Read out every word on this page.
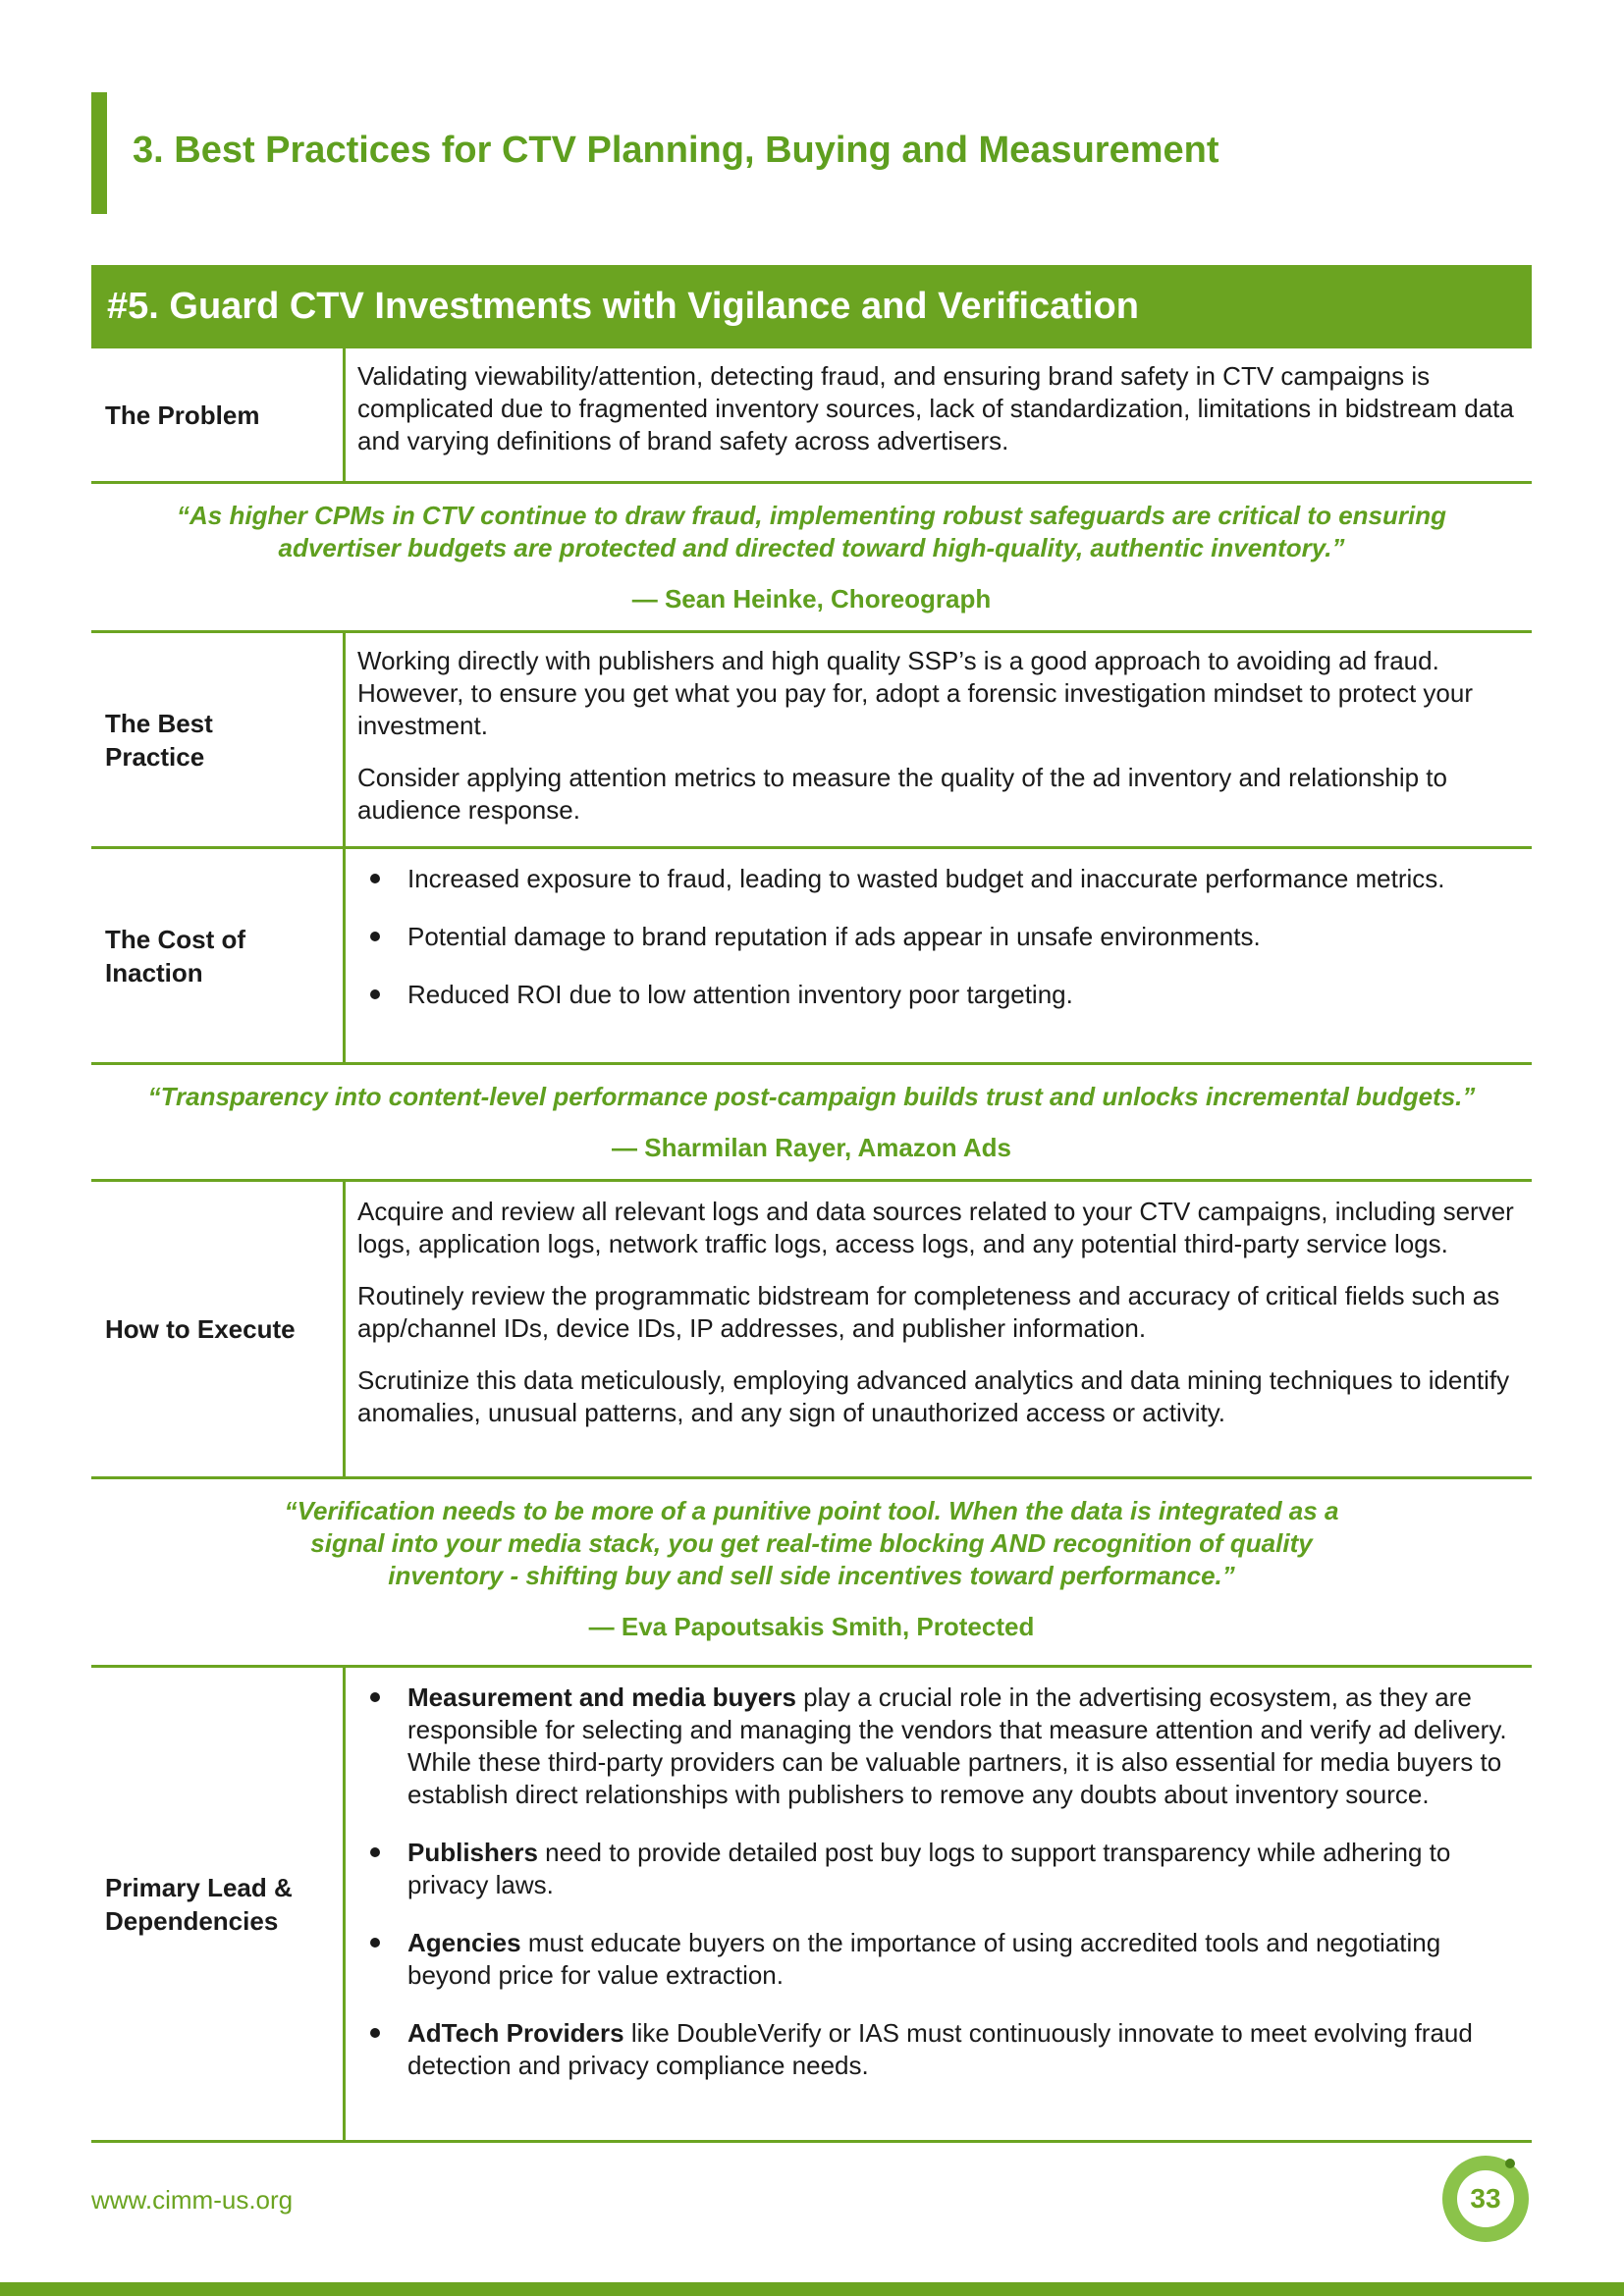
3. Best Practices for CTV Planning, Buying and Measurement
#5. Guard CTV Investments with Vigilance and Verification
The Problem

Validating viewability/attention, detecting fraud, and ensuring brand safety in CTV campaigns is complicated due to fragmented inventory sources, lack of standardization, limitations in bidstream data and varying definitions of brand safety across advertisers.

“As higher CPMs in CTV continue to draw fraud, implementing robust safeguards are critical to ensuring
advertiser budgets are protected and directed toward high-quality, authentic inventory.”
— Sean Heinke, Choreograph
The Best
Practice

Working directly with publishers and high quality SSP’s is a good approach to avoiding ad fraud. However, to ensure you get what you pay for, adopt a forensic investigation mindset to protect your investment.

Consider applying attention metrics to measure the quality of the ad inventory and relationship to audience response.

The Cost of
Inaction
Increased exposure to fraud, leading to wasted budget and inaccurate performance metrics.
Potential damage to brand reputation if ads appear in unsafe environments.
Reduced ROI due to low attention inventory poor targeting.
“Transparency into content-level performance post-campaign builds trust and unlocks incremental budgets.”
— Sharmilan Rayer, Amazon Ads
How to Execute

Acquire and review all relevant logs and data sources related to your CTV campaigns, including server logs, application logs, network traffic logs, access logs, and any potential third-party service logs.

Routinely review the programmatic bidstream for completeness and accuracy of critical fields such as app/channel IDs, device IDs, IP addresses, and publisher information.

Scrutinize this data meticulously, employing advanced analytics and data mining techniques to identify anomalies, unusual patterns, and any sign of unauthorized access or activity.

“Verification needs to be more of a punitive point tool. When the data is integrated as a
signal into your media stack, you get real-time blocking AND recognition of quality
inventory - shifting buy and sell side incentives toward performance.”
— Eva Papoutsakis Smith, Protected
Primary Lead &
Dependencies
Measurement and media buyers play a crucial role in the advertising ecosystem, as they are responsible for selecting and managing the vendors that measure attention and verify ad delivery. While these third-party providers can be valuable partners, it is also essential for media buyers to establish direct relationships with publishers to remove any doubts about inventory source.
Publishers need to provide detailed post buy logs to support transparency while adhering to privacy laws.
Agencies must educate buyers on the importance of using accredited tools and negotiating beyond price for value extraction.
AdTech Providers like DoubleVerify or IAS must continuously innovate to meet evolving fraud detection and privacy compliance needs.
www.cimm-us.org	33
